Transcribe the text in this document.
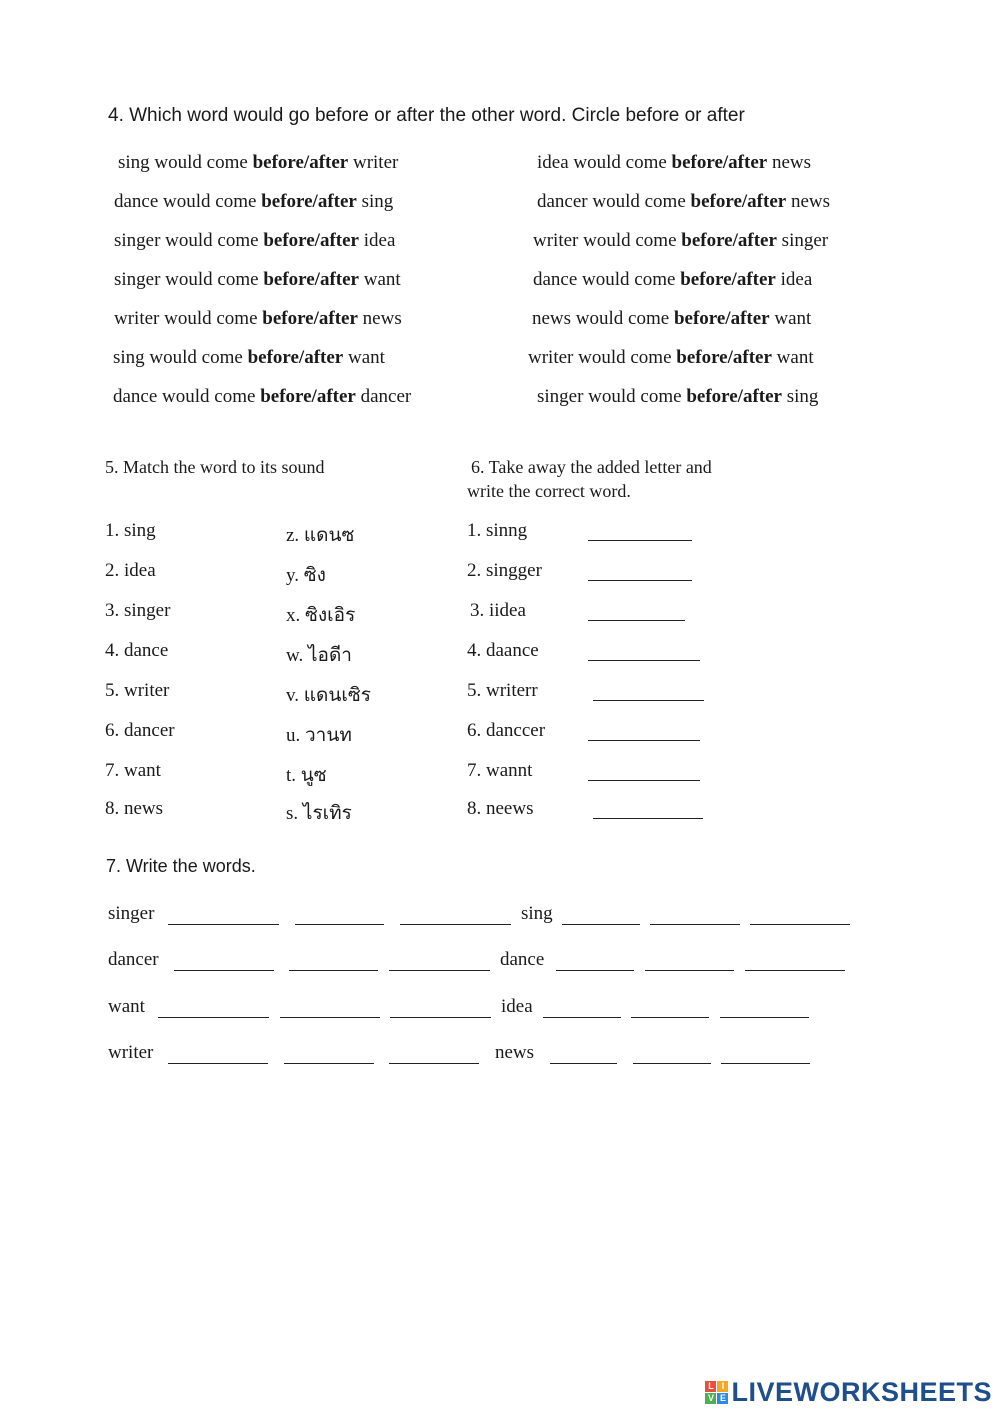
4. Which word would go before or after the other word. Circle before or after
sing would come before/after writer	idea would come before/after news
dance would come before/after sing	dancer would come before/after news
singer would come before/after idea	writer would come before/after singer
singer would come before/after want	dance would come before/after idea
writer would come before/after news	news would come before/after want
sing would come before/after want	writer would come before/after want
dance would come before/after dancer	singer would come before/after sing
5. Match the word to its sound
1. sing	z. แดนซ
2. idea	y. ซิง
3. singer	x. ซิงเอิร
4. dance	w. ไอดีา
5. writer	v. แดนเซิร
6. dancer	u. วานท
7. want	t. นูซ
8. news	s. ไรเทิร
6. Take away the added letter and
write the correct word.
1. sinng
2. singger
3. iidea
4. daance
5. writerr
6. danccer
7. wannt
8. neews
7. Write the words.
singer	sing
dancer	dance
want	idea
writer	news
L I
V E LIVEWORKSHEETS
